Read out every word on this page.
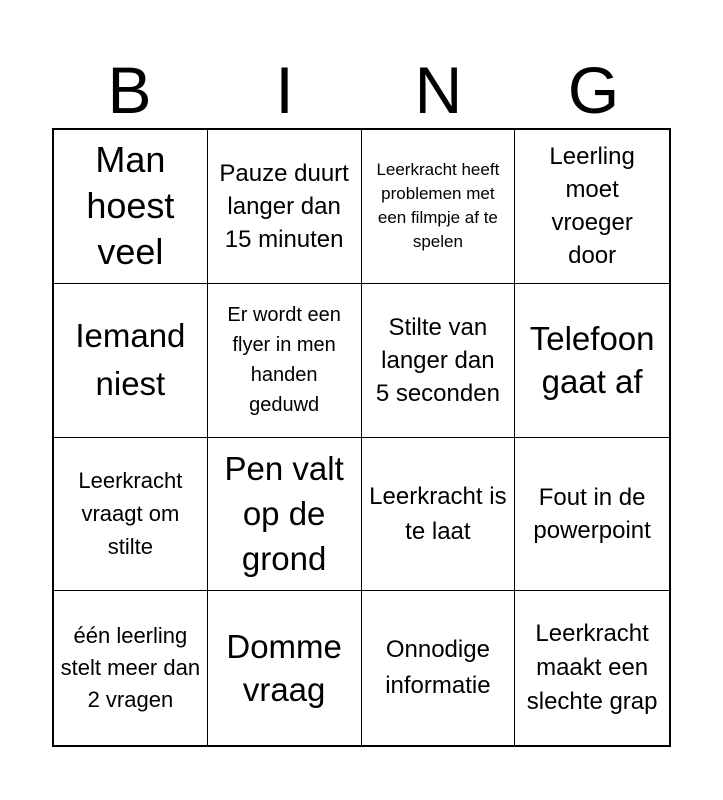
B	I	N	G
Man hoest veel
Pauze duurt langer dan 15 minuten
Leerkracht heeft problemen met een filmpje af te spelen
Leerling moet vroeger door
Iemand niest
Er wordt een flyer in men handen geduwd
Stilte van langer dan 5 seconden
Telefoon gaat af
Leerkracht vraagt om stilte
Pen valt op de grond
Leerkracht is te laat
Fout in de powerpoint
één leerling stelt meer dan 2 vragen
Domme vraag
Onnodige informatie
Leerkracht maakt een slechte grap
